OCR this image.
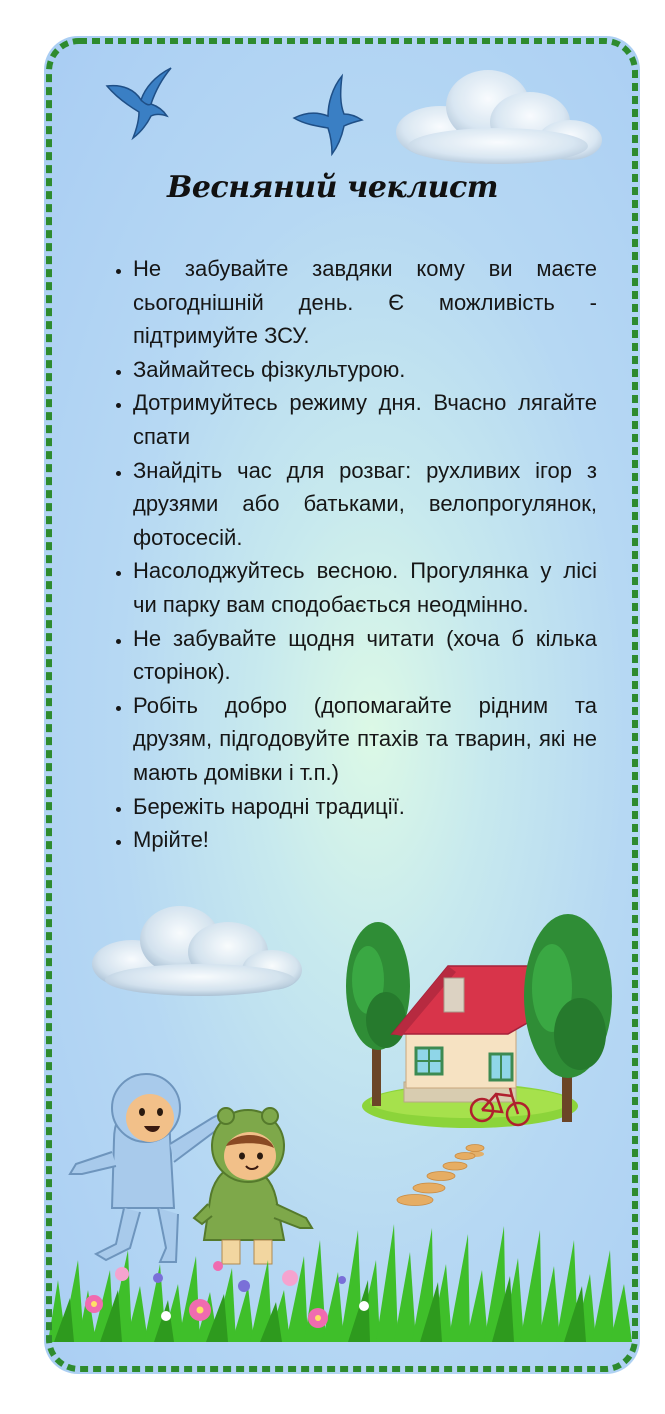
Весняний чеклист
• Не забувайте завдяки кому ви маєте сьогоднішній день. Є можливість - підтримуйте ЗСУ.
• Займайтесь фізкультурою.
• Дотримуйтесь режиму дня. Вчасно лягайте спати
• Знайдіть час для розваг: рухливих ігор з друзями або батьками, велопрогулянок, фотосесій.
• Насолоджуйтесь весною. Прогулянка у лісі чи парку вам сподобається неодмінно.
• Не забувайте щодня читати (хоча б кілька сторінок).
• Робіть добро (допомагайте рідним та друзям, підгодовуйте птахів та тварин, які не мають домівки і т.п.)
• Бережіть народні традиції.
• Мрійте!
